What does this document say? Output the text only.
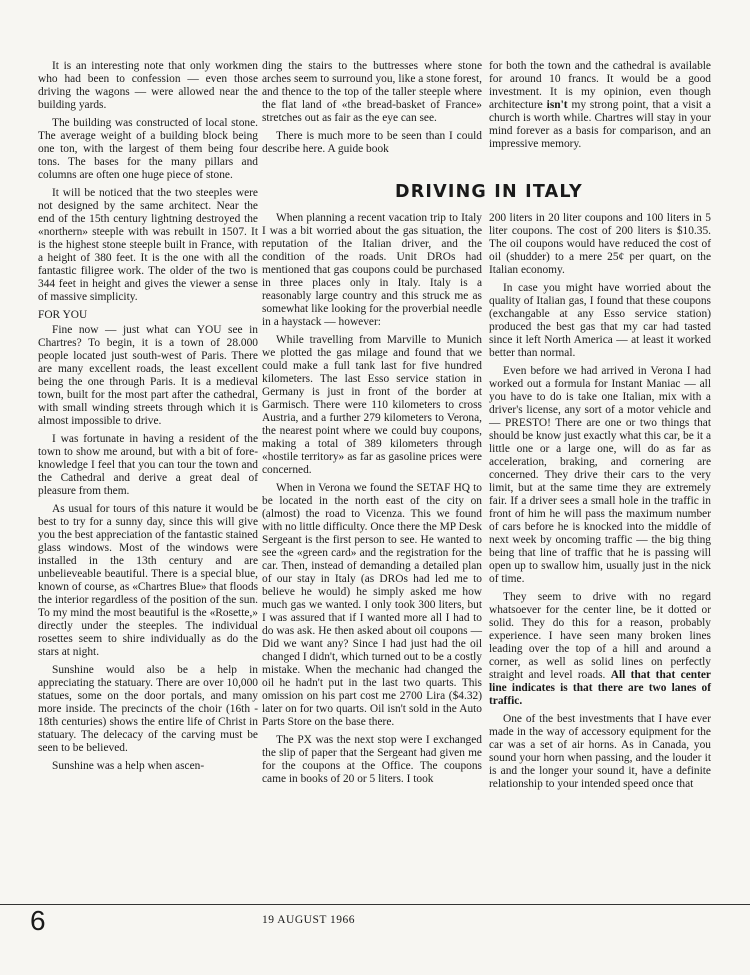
It is an interesting note that only workmen who had been to confession — even those driving the wagons — were allowed near the building yards.

The building was constructed of local stone. The average weight of a building block being one ton, with the largest of them being four tons. The bases for the many pillars and columns are often one huge piece of stone.

It will be noticed that the two steeples were not designed by the same architect. Near the end of the 15th century lightning destroyed the «northern» steeple with was rebuilt in 1507. It is the highest stone steeple built in France, with a height of 380 feet. It is the one with all the fantastic filigree work. The older of the two is 344 feet in height and gives the viewer a sense of massive simplicity.

FOR YOU

Fine now — just what can YOU see in Chartres? To begin, it is a town of 28.000 people located just south-west of Paris. There are many excellent roads, the least excellent being the one through Paris. It is a medieval town, built for the most part after the cathedral, with small winding streets through which it is almost impossible to drive.

I was fortunate in having a resident of the town to show me around, but with a bit of fore-knowledge I feel that you can tour the town and the Cathedral and derive a great deal of pleasure from them.

As usual for tours of this nature it would be best to try for a sunny day, since this will give you the best appreciation of the fantastic stained glass windows. Most of the windows were installed in the 13th century and are unbelieveable beautiful. There is a special blue, known of course, as «Chartres Blue» that floods the interior regardless of the position of the sun. To my mind the most beautiful is the «Rosette,» directly under the steeples. The individual rosettes seem to shire individually as do the stars at night.

Sunshine would also be a help in appreciating the statuary. There are over 10,000 statues, some on the door portals, and many more inside. The precincts of the choir (16th - 18th centuries) shows the entire life of Christ in statuary. The delecacy of the carving must be seen to be believed.

Sunshine was a help when ascen-

ding the stairs to the buttresses where stone arches seem to surround you, like a stone forest, and thence to the top of the taller steeple where the flat land of «the bread-basket of France» stretches out as fair as the eye can see.

There is much more to be seen than I could describe here. A guide book

for both the town and the cathedral is available for around 10 francs. It would be a good investment. It is my opinion, even though architecture isn't my strong point, that a visit a church is worth while. Chartres will stay in your mind forever as a basis for comparison, and an impressive memory.

DRIVING IN ITALY

When planning a recent vacation trip to Italy I was a bit worried about the gas situation, the reputation of the Italian driver, and the condition of the roads. Unit DROs had mentioned that gas coupons could be purchased in three places only in Italy. Italy is a reasonably large country and this struck me as somewhat like looking for the proverbial needle in a haystack — however:

While travelling from Marville to Munich we plotted the gas milage and found that we could make a full tank last for five hundred kilometers. The last Esso service station in Germany is just in front of the border at Garmisch. There were 110 kilometers to cross Austria, and a further 279 kilometers to Verona, the nearest point where we could buy coupons, making a total of 389 kilometers through «hostile territory» as far as gasoline prices were concerned.

When in Verona we found the SETAF HQ to be located in the north east of the city on (almost) the road to Vicenza. This we found with no little difficulty. Once there the MP Desk Sergeant is the first person to see. He wanted to see the «green card» and the registration for the car. Then, instead of demanding a detailed plan of our stay in Italy (as DROs had led me to believe he would) he simply asked me how much gas we wanted. I only took 300 liters, but I was assured that if I wanted more all I had to do was ask. He then asked about oil coupons — Did we want any? Since I had just had the oil changed I didn't, which turned out to be a costly mistake. When the mechanic had changed the oil he hadn't put in the last two quarts. This omission on his part cost me 2700 Lira ($4.32) later on for two quarts. Oil isn't sold in the Auto Parts Store on the base there.

The PX was the next stop were I exchanged the slip of paper that the Sergeant had given me for the coupons at the Office. The coupons came in books of 20 or 5 liters. I took

200 liters in 20 liter coupons and 100 liters in 5 liter coupons. The cost of 200 liters is $10.35. The oil coupons would have reduced the cost of oil (shudder) to a mere 25¢ per quart, on the Italian economy.

In case you might have worried about the quality of Italian gas, I found that these coupons (exchangable at any Esso service station) produced the best gas that my car had tasted since it left North America — at least it worked better than normal.

Even before we had arrived in Verona I had worked out a formula for Instant Maniac — all you have to do is take one Italian, mix with a driver's license, any sort of a motor vehicle and — PRESTO! There are one or two things that should be know just exactly what this car, be it a little one or a large one, will do as far as acceleration, braking, and cornering are concerned. They drive their cars to the very limit, but at the same time they are extremely fair. If a driver sees a small hole in the traffic in front of him he will pass the maximum number of cars before he is knocked into the middle of next week by oncoming traffic — the big thing being that line of traffic that he is passing will open up to swallow him, usually just in the nick of time.

They seem to drive with no regard whatsoever for the center line, be it dotted or solid. They do this for a reason, probably experience. I have seen many broken lines leading over the top of a hill and around a corner, as well as solid lines on perfectly straight and level roads. All that that center line indicates is that there are two lanes of traffic.

One of the best investments that I have ever made in the way of accessory equipment for the car was a set of air horns. As in Canada, you sound your horn when passing, and the louder it is and the longer your sound it, have a definite relationship to your intended speed once that

6	19 AUGUST 1966
